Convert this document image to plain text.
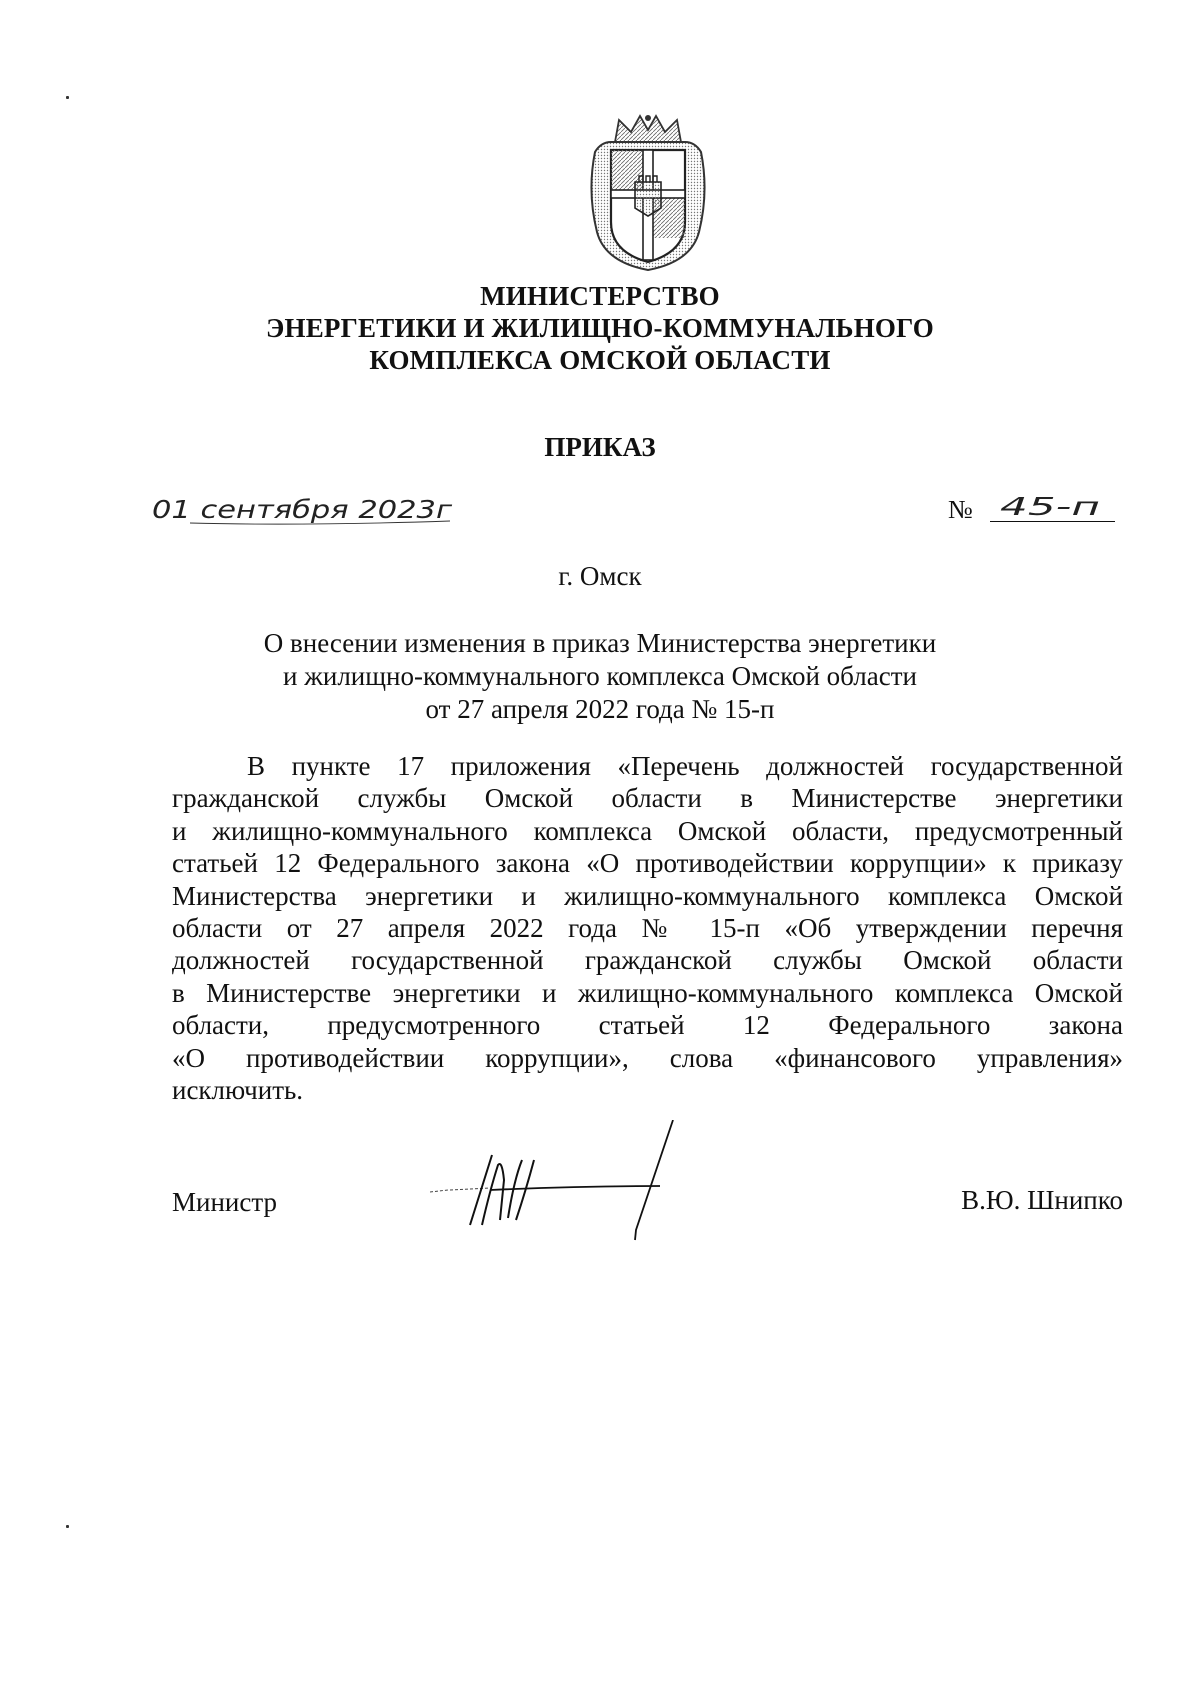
МИНИСТЕРСТВО
ЭНЕРГЕТИКИ И ЖИЛИЩНО-КОММУНАЛЬНОГО
КОМПЛЕКСА ОМСКОЙ ОБЛАСТИ
ПРИКАЗ
01 сентября 2023г	№ 45-п
г. Омск
О внесении изменения в приказ Министерства энергетики
и жилищно-коммунального комплекса Омской области
от 27 апреля 2022 года № 15-п
В пункте 17 приложения «Перечень должностей государственной
гражданской службы Омской области в Министерстве энергетики
и жилищно-коммунального комплекса Омской области, предусмотренный
статьей 12 Федерального закона «О противодействии коррупции» к приказу
Министерства энергетики и жилищно-коммунального комплекса Омской
области от 27 апреля 2022 года № 15-п «Об утверждении перечня
должностей государственной гражданской службы Омской области
в Министерстве энергетики и жилищно-коммунального комплекса Омской
области, предусмотренного статьей 12 Федерального закона
«О противодействии коррупции», слова «финансового управления»
исключить.
Министр	В.Ю. Шнипко
